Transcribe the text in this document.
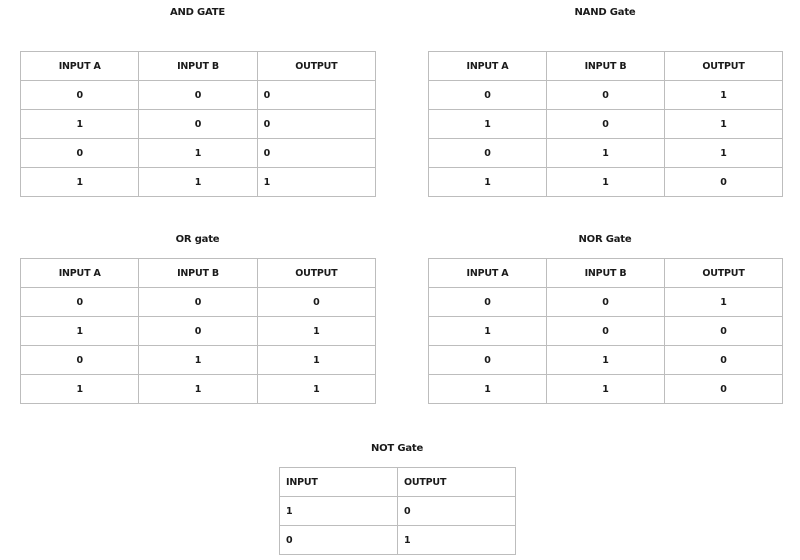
AND GATE
INPUT A	INPUT B	OUTPUT
0	0	0
1	0	0
0	1	0
1	1	1
NAND Gate
INPUT A	INPUT B	OUTPUT
0	0	1
1	0	1
0	1	1
1	1	0
OR gate
INPUT A	INPUT B	OUTPUT
0	0	0
1	0	1
0	1	1
1	1	1
NOR Gate
INPUT A	INPUT B	OUTPUT
0	0	1
1	0	0
0	1	0
1	1	0
NOT Gate
INPUT	OUTPUT
1	0
0	1
